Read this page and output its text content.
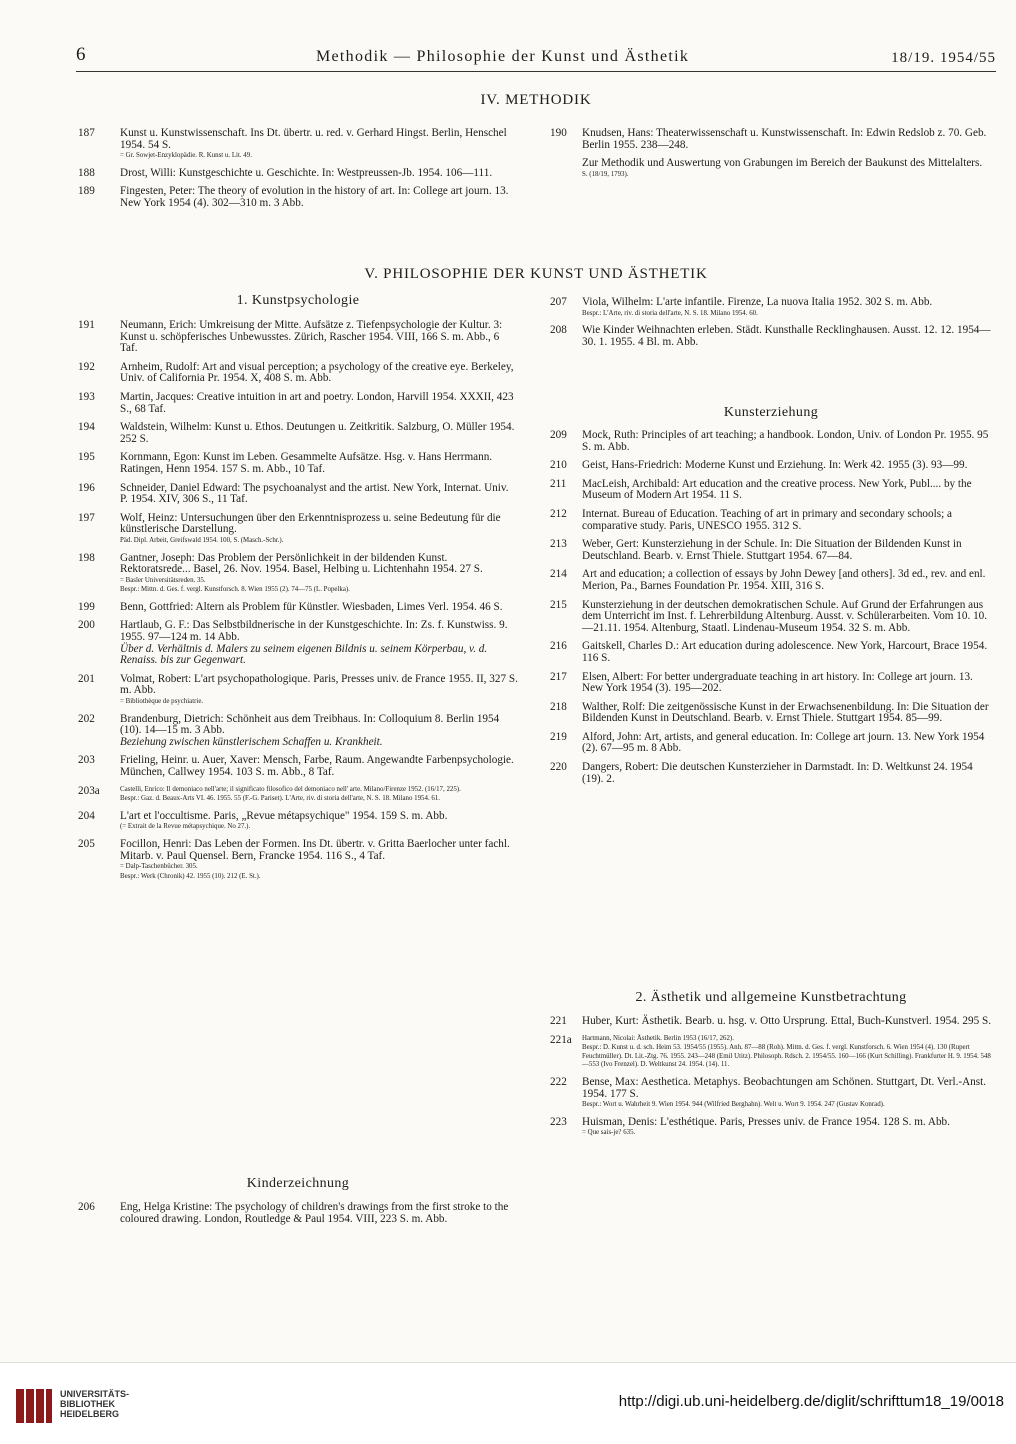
6	Methodik — Philosophie der Kunst und Ästhetik	18/19. 1954/55
IV. METHODIK
187 Kunst u. Kunstwissenschaft. Ins Dt. übertr. u. red. v. Gerhard Hingst. Berlin, Henschel 1954. 54 S.
= Gr. Sowjet-Enzyklopädie. R. Kunst u. Lit. 49.
188 Drost, Willi: Kunstgeschichte u. Geschichte. In: Westpreussen-Jb. 1954. 106—111.
189 Fingesten, Peter: The theory of evolution in the history of art. In: College art journ. 13. New York 1954 (4). 302—310 m. 3 Abb.
190 Knudsen, Hans: Theaterwissenschaft u. Kunstwissenschaft. In: Edwin Redslob z. 70. Geb. Berlin 1955. 238—248.
Zur Methodik und Auswertung von Grabungen im Bereich der Baukunst des Mittelalters.
S. (18/19, 1793).
V. PHILOSOPHIE DER KUNST UND ÄSTHETIK
1. Kunstpsychologie
191 Neumann, Erich: Umkreisung der Mitte. Aufsätze z. Tiefenpsychologie der Kultur. 3: Kunst u. schöpferisches Unbewusstes. Zürich, Rascher 1954. VIII, 166 S. m. Abb., 6 Taf.
192 Arnheim, Rudolf: Art and visual perception; a psychology of the creative eye. Berkeley, Univ. of California Pr. 1954. X, 408 S. m. Abb.
193 Martin, Jacques: Creative intuition in art and poetry. London, Harvill 1954. XXXII, 423 S., 68 Taf.
194 Waldstein, Wilhelm: Kunst u. Ethos. Deutungen u. Zeitkritik. Salzburg, O. Müller 1954. 252 S.
195 Kornmann, Egon: Kunst im Leben. Gesammelte Aufsätze. Hsg. v. Hans Herrmann. Ratingen, Henn 1954. 157 S. m. Abb., 10 Taf.
196 Schneider, Daniel Edward: The psychoanalyst and the artist. New York, Internat. Univ. P. 1954. XIV, 306 S., 11 Taf.
197 Wolf, Heinz: Untersuchungen über den Erkenntnisprozess u. seine Bedeutung für die künstlerische Darstellung.
Päd. Dipl. Arbeit, Greifswald 1954. 100, S. (Masch.-Schr.).
198 Gantner, Joseph: Das Problem der Persönlichkeit in der bildenden Kunst. Rektoratsrede... Basel, 26. Nov. 1954. Basel, Helbing u. Lichtenhahn 1954. 27 S.
= Basler Universitätsreden. 35.
Bespr.: Mittn. d. Ges. f. vergl. Kunstforsch. 8. Wien 1955 (2). 74—75 (L. Popelka).
199 Benn, Gottfried: Altern als Problem für Künstler. Wiesbaden, Limes Verl. 1954. 46 S.
200 Hartlaub, G. F.: Das Selbstbildnerische in der Kunstgeschichte. In: Zs. f. Kunstwiss. 9. 1955. 97—124 m. 14 Abb.
Über d. Verhältnis d. Malers zu seinem eigenen Bildnis u. seinem Körperbau, v. d. Renaiss. bis zur Gegenwart.
201 Volmat, Robert: L'art psychopathologique. Paris, Presses univ. de France 1955. II, 327 S. m. Abb.
= Bibliothèque de psychiatrie.
202 Brandenburg, Dietrich: Schönheit aus dem Treibhaus. In: Colloquium 8. Berlin 1954 (10). 14—15 m. 3 Abb.
Beziehung zwischen künstlerischem Schaffen u. Krankheit.
203 Frieling, Heinr. u. Auer, Xaver: Mensch, Farbe, Raum. Angewandte Farbenpsychologie. München, Callwey 1954. 103 S. m. Abb., 8 Taf.
203a	Castelli, Enrico: Il demoniaco nell'arte; il significato filosofico del demoniaco nell' arte. Milano/Firenze 1952. (16/17, 225).
Bespr.: Gaz. d. Beaux-Arts VI. 46. 1955. 55 (F.-G. Pariset). L'Arte, riv. di storia dell'arte, N. S. 18. Milano 1954. 61.
204 L'art et l'occultisme. Paris, „Revue métapsychique" 1954. 159 S. m. Abb.
(= Extrait de la Revue métapsychique. No 27.).
205 Focillon, Henri: Das Leben der Formen. Ins Dt. übertr. v. Gritta Baerlocher unter fachl. Mitarb. v. Paul Quensel. Bern, Francke 1954. 116 S., 4 Taf.
= Dalp-Taschenbücher. 305.
Bespr.: Werk (Chronik) 42. 1955 (10). 212 (E. St.).
Kinderzeichnung
206 Eng, Helga Kristine: The psychology of children's drawings from the first stroke to the coloured drawing. London, Routledge & Paul 1954. VIII, 223 S. m. Abb.
207 Viola, Wilhelm: L'arte infantile. Firenze, La nuova Italia 1952. 302 S. m. Abb.
Bespr.: L'Arte, riv. di storia dell'arte, N. S. 18. Milano 1954. 60.
208 Wie Kinder Weihnachten erleben. Städt. Kunsthalle Recklinghausen. Ausst. 12. 12. 1954—30. 1. 1955. 4 Bl. m. Abb.
Kunsterziehung
209 Mock, Ruth: Principles of art teaching; a handbook. London, Univ. of London Pr. 1955. 95 S. m. Abb.
210 Geist, Hans-Friedrich: Moderne Kunst und Erziehung. In: Werk 42. 1955 (3). 93—99.
211 MacLeish, Archibald: Art education and the creative process. New York, Publ.... by the Museum of Modern Art 1954. 11 S.
212 Internat. Bureau of Education. Teaching of art in primary and secondary schools; a comparative study. Paris, UNESCO 1955. 312 S.
213 Weber, Gert: Kunsterziehung in der Schule. In: Die Situation der Bildenden Kunst in Deutschland. Bearb. v. Ernst Thiele. Stuttgart 1954. 67—84.
214 Art and education; a collection of essays by John Dewey [and others]. 3d ed., rev. and enl. Merion, Pa., Barnes Foundation Pr. 1954. XIII, 316 S.
215 Kunsterziehung in der deutschen demokratischen Schule. Auf Grund der Erfahrungen aus dem Unterricht im Inst. f. Lehrerbildung Altenburg. Ausst. v. Schülerarbeiten. Vom 10. 10.—21.11. 1954. Altenburg, Staatl. Lindenau-Museum 1954. 32 S. m. Abb.
216 Gaitskell, Charles D.: Art education during adolescence. New York, Harcourt, Brace 1954. 116 S.
217 Elsen, Albert: For better undergraduate teaching in art history. In: College art journ. 13. New York 1954 (3). 195—202.
218 Walther, Rolf: Die zeitgenössische Kunst in der Erwachsenenbildung. In: Die Situation der Bildenden Kunst in Deutschland. Bearb. v. Ernst Thiele. Stuttgart 1954. 85—99.
219 Alford, John: Art, artists, and general education. In: College art journ. 13. New York 1954 (2). 67—95 m. 8 Abb.
220 Dangers, Robert: Die deutschen Kunsterzieher in Darmstadt. In: D. Weltkunst 24. 1954 (19). 2.
2. Ästhetik und allgemeine Kunstbetrachtung
221 Huber, Kurt: Ästhetik. Bearb. u. hsg. v. Otto Ursprung. Ettal, Buch-Kunstverl. 1954. 295 S.
221a Hartmann, Nicolai: Ästhetik. Berlin 1953 (16/17, 262).
Bespr.: D. Kunst u. d. sch. Heim 53. 1954/55 (1955). Anh. 87—88 (Roh). Mittn. d. Ges. f. vergl. Kunstforsch. 6. Wien 1954 (4). 130 (Rupert Feuchtmüller). Dt. Lit.-Ztg. 76. 1955. 243—248 (Emil Utitz). Philosoph. Rdsch. 2. 1954/55. 160—166 (Kurt Schilling). Frankfurter H. 9. 1954. 548—553 (Ivo Frenzel). D. Weltkunst 24. 1954. (14). 11.
222 Bense, Max: Aesthetica. Metaphys. Beobachtungen am Schönen. Stuttgart, Dt. Verl.-Anst. 1954. 177 S.
Bespr.: Wort u. Wahrheit 9. Wien 1954. 944 (Wilfried Berghahn). Welt u. Wort 9. 1954. 247 (Gustav Konrad).
223 Huisman, Denis: L'esthétique. Paris, Presses univ. de France 1954. 128 S. m. Abb.
= Que sais-je? 635.
UNIVERSITÄTS-
BIBLIOTHEK
HEIDELBERG
http://digi.ub.uni-heidelberg.de/diglit/schrifttum18_19/0018
